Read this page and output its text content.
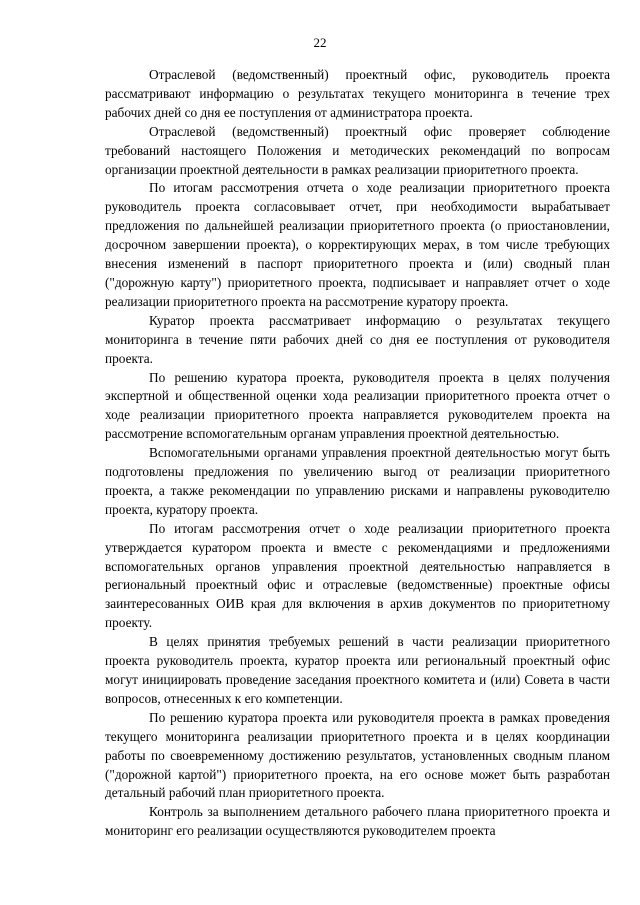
22

Отраслевой (ведомственный) проектный офис, руководитель проекта рассматривают информацию о результатах текущего мониторинга в течение трех рабочих дней со дня ее поступления от администратора проекта.

Отраслевой (ведомственный) проектный офис проверяет соблюдение требований настоящего Положения и методических рекомендаций по вопросам организации проектной деятельности в рамках реализации приоритетного проекта.

По итогам рассмотрения отчета о ходе реализации приоритетного проекта руководитель проекта согласовывает отчет, при необходимости вырабатывает предложения по дальнейшей реализации приоритетного проекта (о приостановлении, досрочном завершении проекта), о корректирующих мерах, в том числе требующих внесения изменений в паспорт приоритетного проекта и (или) сводный план ("дорожную карту") приоритетного проекта, подписывает и направляет отчет о ходе реализации приоритетного проекта на рассмотрение куратору проекта.

Куратор проекта рассматривает информацию о результатах текущего мониторинга в течение пяти рабочих дней со дня ее поступления от руководителя проекта.

По решению куратора проекта, руководителя проекта в целях получения экспертной и общественной оценки хода реализации приоритетного проекта отчет о ходе реализации приоритетного проекта направляется руководителем проекта на рассмотрение вспомогательным органам управления проектной деятельностью.

Вспомогательными органами управления проектной деятельностью могут быть подготовлены предложения по увеличению выгод от реализации приоритетного проекта, а также рекомендации по управлению рисками и направлены руководителю проекта, куратору проекта.

По итогам рассмотрения отчет о ходе реализации приоритетного проекта утверждается куратором проекта и вместе с рекомендациями и предложениями вспомогательных органов управления проектной деятельностью направляется в региональный проектный офис и отраслевые (ведомственные) проектные офисы заинтересованных ОИВ края для включения в архив документов по приоритетному проекту.

В целях принятия требуемых решений в части реализации приоритетного проекта руководитель проекта, куратор проекта или региональный проектный офис могут инициировать проведение заседания проектного комитета и (или) Совета в части вопросов, отнесенных к его компетенции.

По решению куратора проекта или руководителя проекта в рамках проведения текущего мониторинга реализации приоритетного проекта и в целях координации работы по своевременному достижению результатов, установленных сводным планом ("дорожной картой") приоритетного проекта, на его основе может быть разработан детальный рабочий план приоритетного проекта.

Контроль за выполнением детального рабочего плана приоритетного проекта и мониторинг его реализации осуществляются руководителем проекта
